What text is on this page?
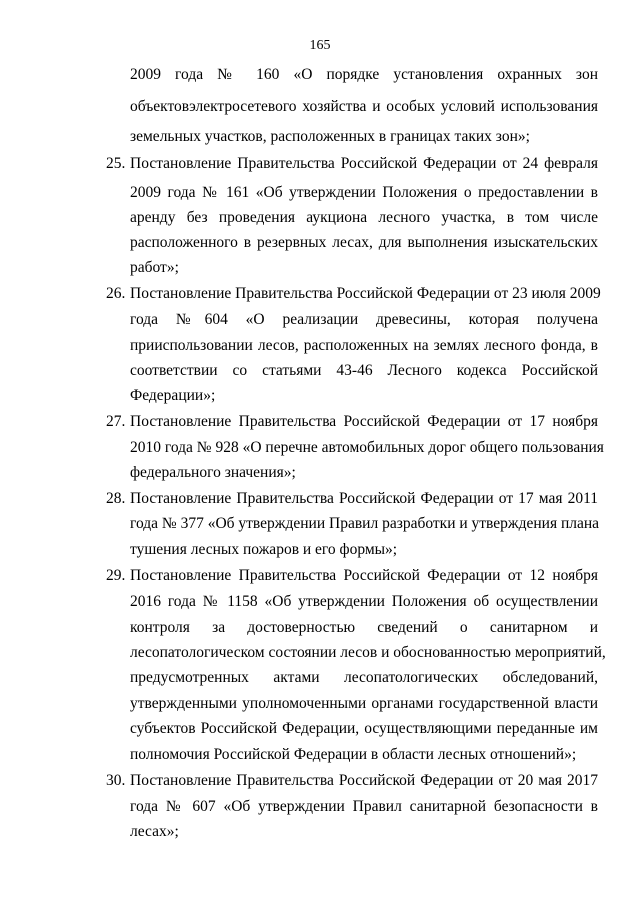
165
2009 года № 160 «О порядке установления охранных зон
объектовэлектросетевого хозяйства и особых условий использования
земельных участков, расположенных в границах таких зон»;
25. Постановление Правительства Российской Федерации от 24 февраля
2009 года № 161 «Об утверждении Положения о предоставлении в
аренду без проведения аукциона лесного участка, в том числе
расположенного в резервных лесах, для выполнения изыскательских
работ»;
26. Постановление Правительства Российской Федерации от 23 июля 2009
года №604 «О реализации древесины, которая получена
прииспользовании лесов, расположенных на землях лесного фонда, в
соответствии со статьями 43-46 Лесного кодекса Российской
Федерации»;
27. Постановление Правительства Российской Федерации от 17 ноября
2010 года № 928 «О перечне автомобильных дорог общего пользования
федерального значения»;
28. Постановление Правительства Российской Федерации от 17 мая 2011
года № 377 «Об утверждении Правил разработки и утверждения плана
тушения лесных пожаров и его формы»;
29. Постановление Правительства Российской Федерации от 12 ноября
2016 года № 1158 «Об утверждении Положения об осуществлении
контроля за достоверностью сведений о санитарном и
лесопатологическом состоянии лесов и обоснованностью мероприятий,
предусмотренных актами лесопатологических обследований,
утвержденными уполномоченными органами государственной власти
субъектов Российской Федерации, осуществляющими переданные им
полномочия Российской Федерации в области лесных отношений»;
30. Постановление Правительства Российской Федерации от 20 мая 2017
года № 607 «Об утверждении Правил санитарной безопасности в
лесах»;
